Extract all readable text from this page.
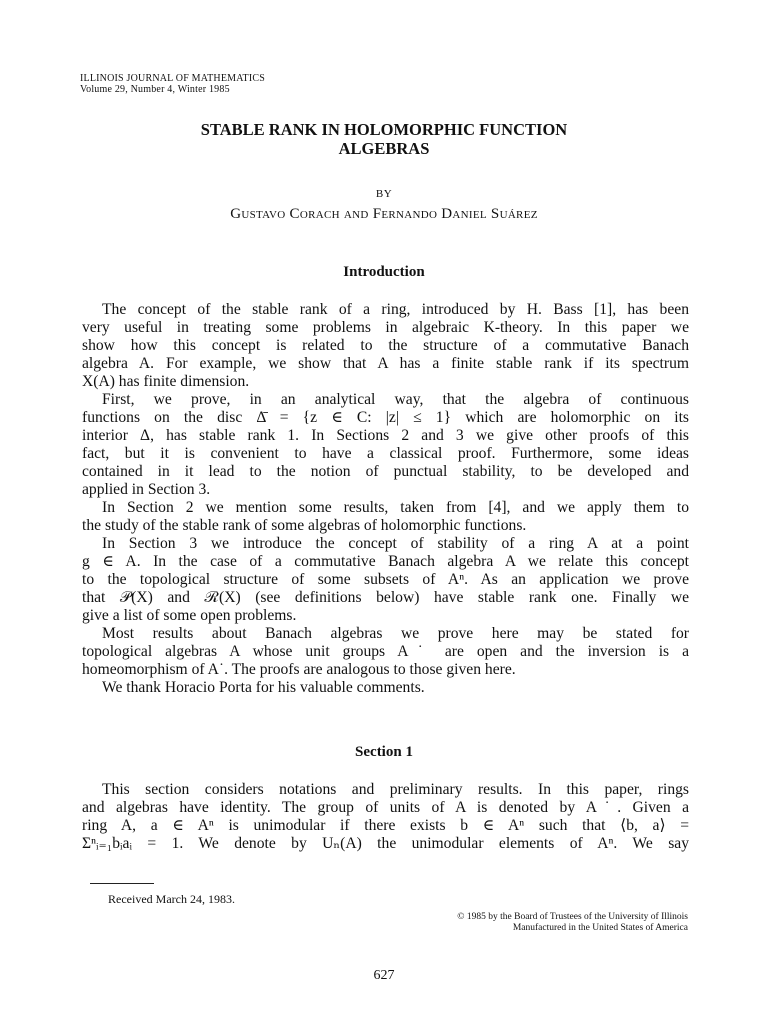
ILLINOIS JOURNAL OF MATHEMATICS
Volume 29, Number 4, Winter 1985
STABLE RANK IN HOLOMORPHIC FUNCTION
ALGEBRAS
BY
Gustavo Corach and Fernando Daniel Suárez
Introduction
The concept of the stable rank of a ring, introduced by H. Bass [1], has been
very useful in treating some problems in algebraic K-theory. In this paper we
show how this concept is related to the structure of a commutative Banach
algebra A. For example, we show that A has a finite stable rank if its spectrum
X(A) has finite dimension.
First, we prove, in an analytical way, that the algebra of continuous
functions on the disc Δ̄ = {z ∈ C: |z| ≤ 1} which are holomorphic on its
interior Δ, has stable rank 1. In Sections 2 and 3 we give other proofs of this
fact, but it is convenient to have a classical proof. Furthermore, some ideas
contained in it lead to the notion of punctual stability, to be developed and
applied in Section 3.
In Section 2 we mention some results, taken from [4], and we apply them to
the study of the stable rank of some algebras of holomorphic functions.
In Section 3 we introduce the concept of stability of a ring A at a point
g ∈ A. In the case of a commutative Banach algebra A we relate this concept
to the topological structure of some subsets of Aⁿ. As an application we prove
that 𝒫(X) and ℛ(X) (see definitions below) have stable rank one. Finally we
give a list of some open problems.
Most results about Banach algebras we prove here may be stated for
topological algebras A whose unit groups A˙ are open and the inversion is a
homeomorphism of A˙. The proofs are analogous to those given here.
We thank Horacio Porta for his valuable comments.
Section 1
This section considers notations and preliminary results. In this paper, rings
and algebras have identity. The group of units of A is denoted by A˙. Given a
ring A, a ∈ Aⁿ is unimodular if there exists b ∈ Aⁿ such that ⟨b, a⟩ =
Σⁿᵢ₌₁bᵢaᵢ = 1. We denote by Uₙ(A) the unimodular elements of Aⁿ. We say
Received March 24, 1983.
© 1985 by the Board of Trustees of the University of Illinois
Manufactured in the United States of America
627
